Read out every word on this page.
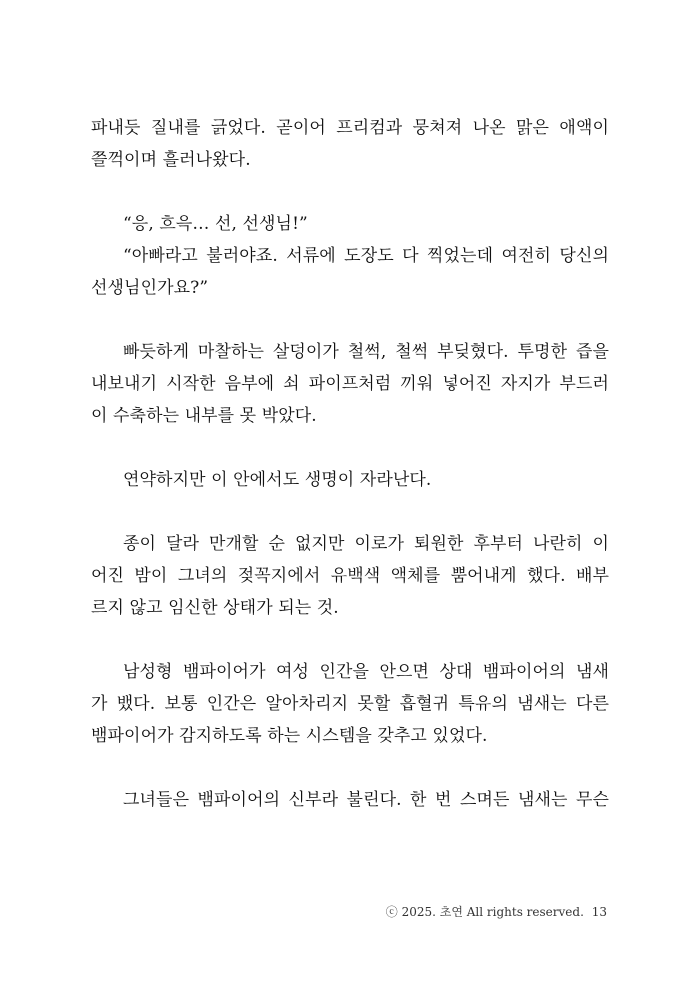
파내듯 질내를 긁었다. 곧이어 프리컴과 뭉쳐져 나온 맑은 애액이
쯜꺽이며 흘러나왔다.
“응, 흐윽… 선, 선생님!”
“아빠라고 불러야죠. 서류에 도장도 다 찍었는데 여전히 당신의
선생님인가요?”
빠듯하게 마찰하는 살덩이가 철썩, 철썩 부딪혔다. 투명한 즙을
내보내기 시작한 음부에 쇠 파이프처럼 끼워 넣어진 자지가 부드러
이 수축하는 내부를 못 박았다.
연약하지만 이 안에서도 생명이 자라난다.
종이 달라 만개할 순 없지만 이로가 퇴원한 후부터 나란히 이
어진 밤이 그녀의 젖꼭지에서 유백색 액체를 뿜어내게 했다. 배부
르지 않고 임신한 상태가 되는 것.
남성형 뱀파이어가 여성 인간을 안으면 상대 뱀파이어의 냄새
가 뱄다. 보통 인간은 알아차리지 못할 흡혈귀 특유의 냄새는 다른
뱀파이어가 감지하도록 하는 시스템을 갖추고 있었다.
그녀들은 뱀파이어의 신부라 불린다. 한 번 스며든 냄새는 무슨
ⓒ 2025. 초연 All rights reserved. 13
